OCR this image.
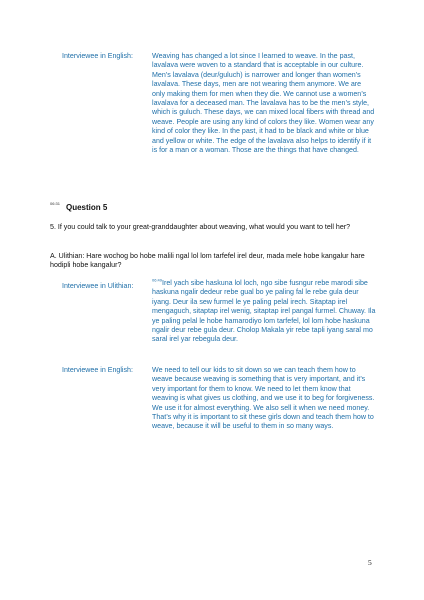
Interviewee in English:	Weaving has changed a lot since I learned to weave. In the past, lavalava were woven to a standard that is acceptable in our culture. Men’s lavalava (deur/guluch) is narrower and longer than women’s lavalava. These days, men are not wearing them anymore. We are only making them for men when they die. We cannot use a women’s lavalava for a deceased man. The lavalava has to be the men’s style, which is guluch. These days, we can mixed local fibers with thread and weave. People are using any kind of colors they like. Women wear any kind of color they like. In the past, it had to be black and white or blue and yellow or white. The edge of the lavalava also helps to identify if it is for a man or a woman. Those are the things that have changed.
06:31 Question 5
5. If you could talk to your great-granddaughter about weaving, what would you want to tell her?
A. Ulithian: Hare wochog bo hobe malili ngal lol lom tarfefel irel deur, mada mele hobe kangalur hare hodipli hobe kangalur?
Interviewee in Ulithian:
$^{06:49}$Irel yach sibe haskuna lol loch, ngo sibe fusngur rebe marodi sibe haskuna ngalir dedeur rebe gual bo ye paling fal le rebe gula deur iyang. Deur ila sew furmel le ye paling pelal irech. Sitaptap irel mengaguch, sitaptap irel wenig, sitaptap irel pangal furmel. Chuway. Ila ye paling pelal le hobe hamarodiyo lom tarfefel, lol lom hobe haskuna ngalir deur rebe gula deur. Cholop Makala yir rebe tapli iyang saral mo saral irel yar rebegula deur.
Interviewee in English:	We need to tell our kids to sit down so we can teach them how to weave because weaving is something that is very important, and it’s very important for them to know. We need to let them know that weaving is what gives us clothing, and we use it to beg for forgiveness. We use it for almost everything. We also sell it when we need money. That’s why it is important to sit these girls down and teach them how to weave, because it will be useful to them in so many ways.
5
